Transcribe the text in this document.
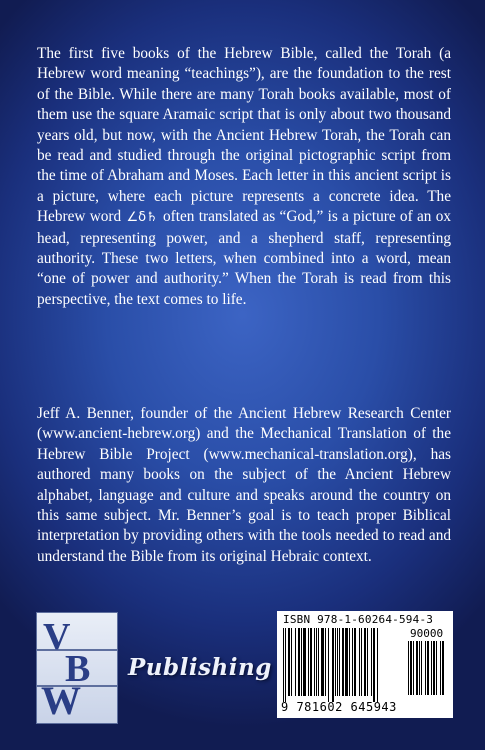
The first five books of the Hebrew Bible, called the Torah (a Hebrew word meaning “teachings”), are the foundation to the rest of the Bible. While there are many Torah books available, most of them use the square Aramaic script that is only about two thousand years old, but now, with the Ancient Hebrew Torah, the Torah can be read and studied through the original pictographic script from the time of Abraham and Moses. Each letter in this ancient script is a picture, where each picture represents a concrete idea. The Hebrew word ∠δ♄ often translated as “God,” is a picture of an ox head, representing power, and a shepherd staff, representing authority. These two letters, when combined into a word, mean “one of power and authority.” When the Torah is read from this perspective, the text comes to life.

Jeff A. Benner, founder of the Ancient Hebrew Research Center (www.ancient-hebrew.org) and the Mechanical Translation of the Hebrew Bible Project (www.mechanical-translation.org), has authored many books on the subject of the Ancient Hebrew alphabet, language and culture and speaks around the country on this same subject. Mr. Benner’s goal is to teach proper Biblical interpretation by providing others with the tools needed to read and understand the Bible from its original Hebraic context.

V
B
W
Publishing
ISBN 978-1-60264-594-3
90000
9 781602 645943
